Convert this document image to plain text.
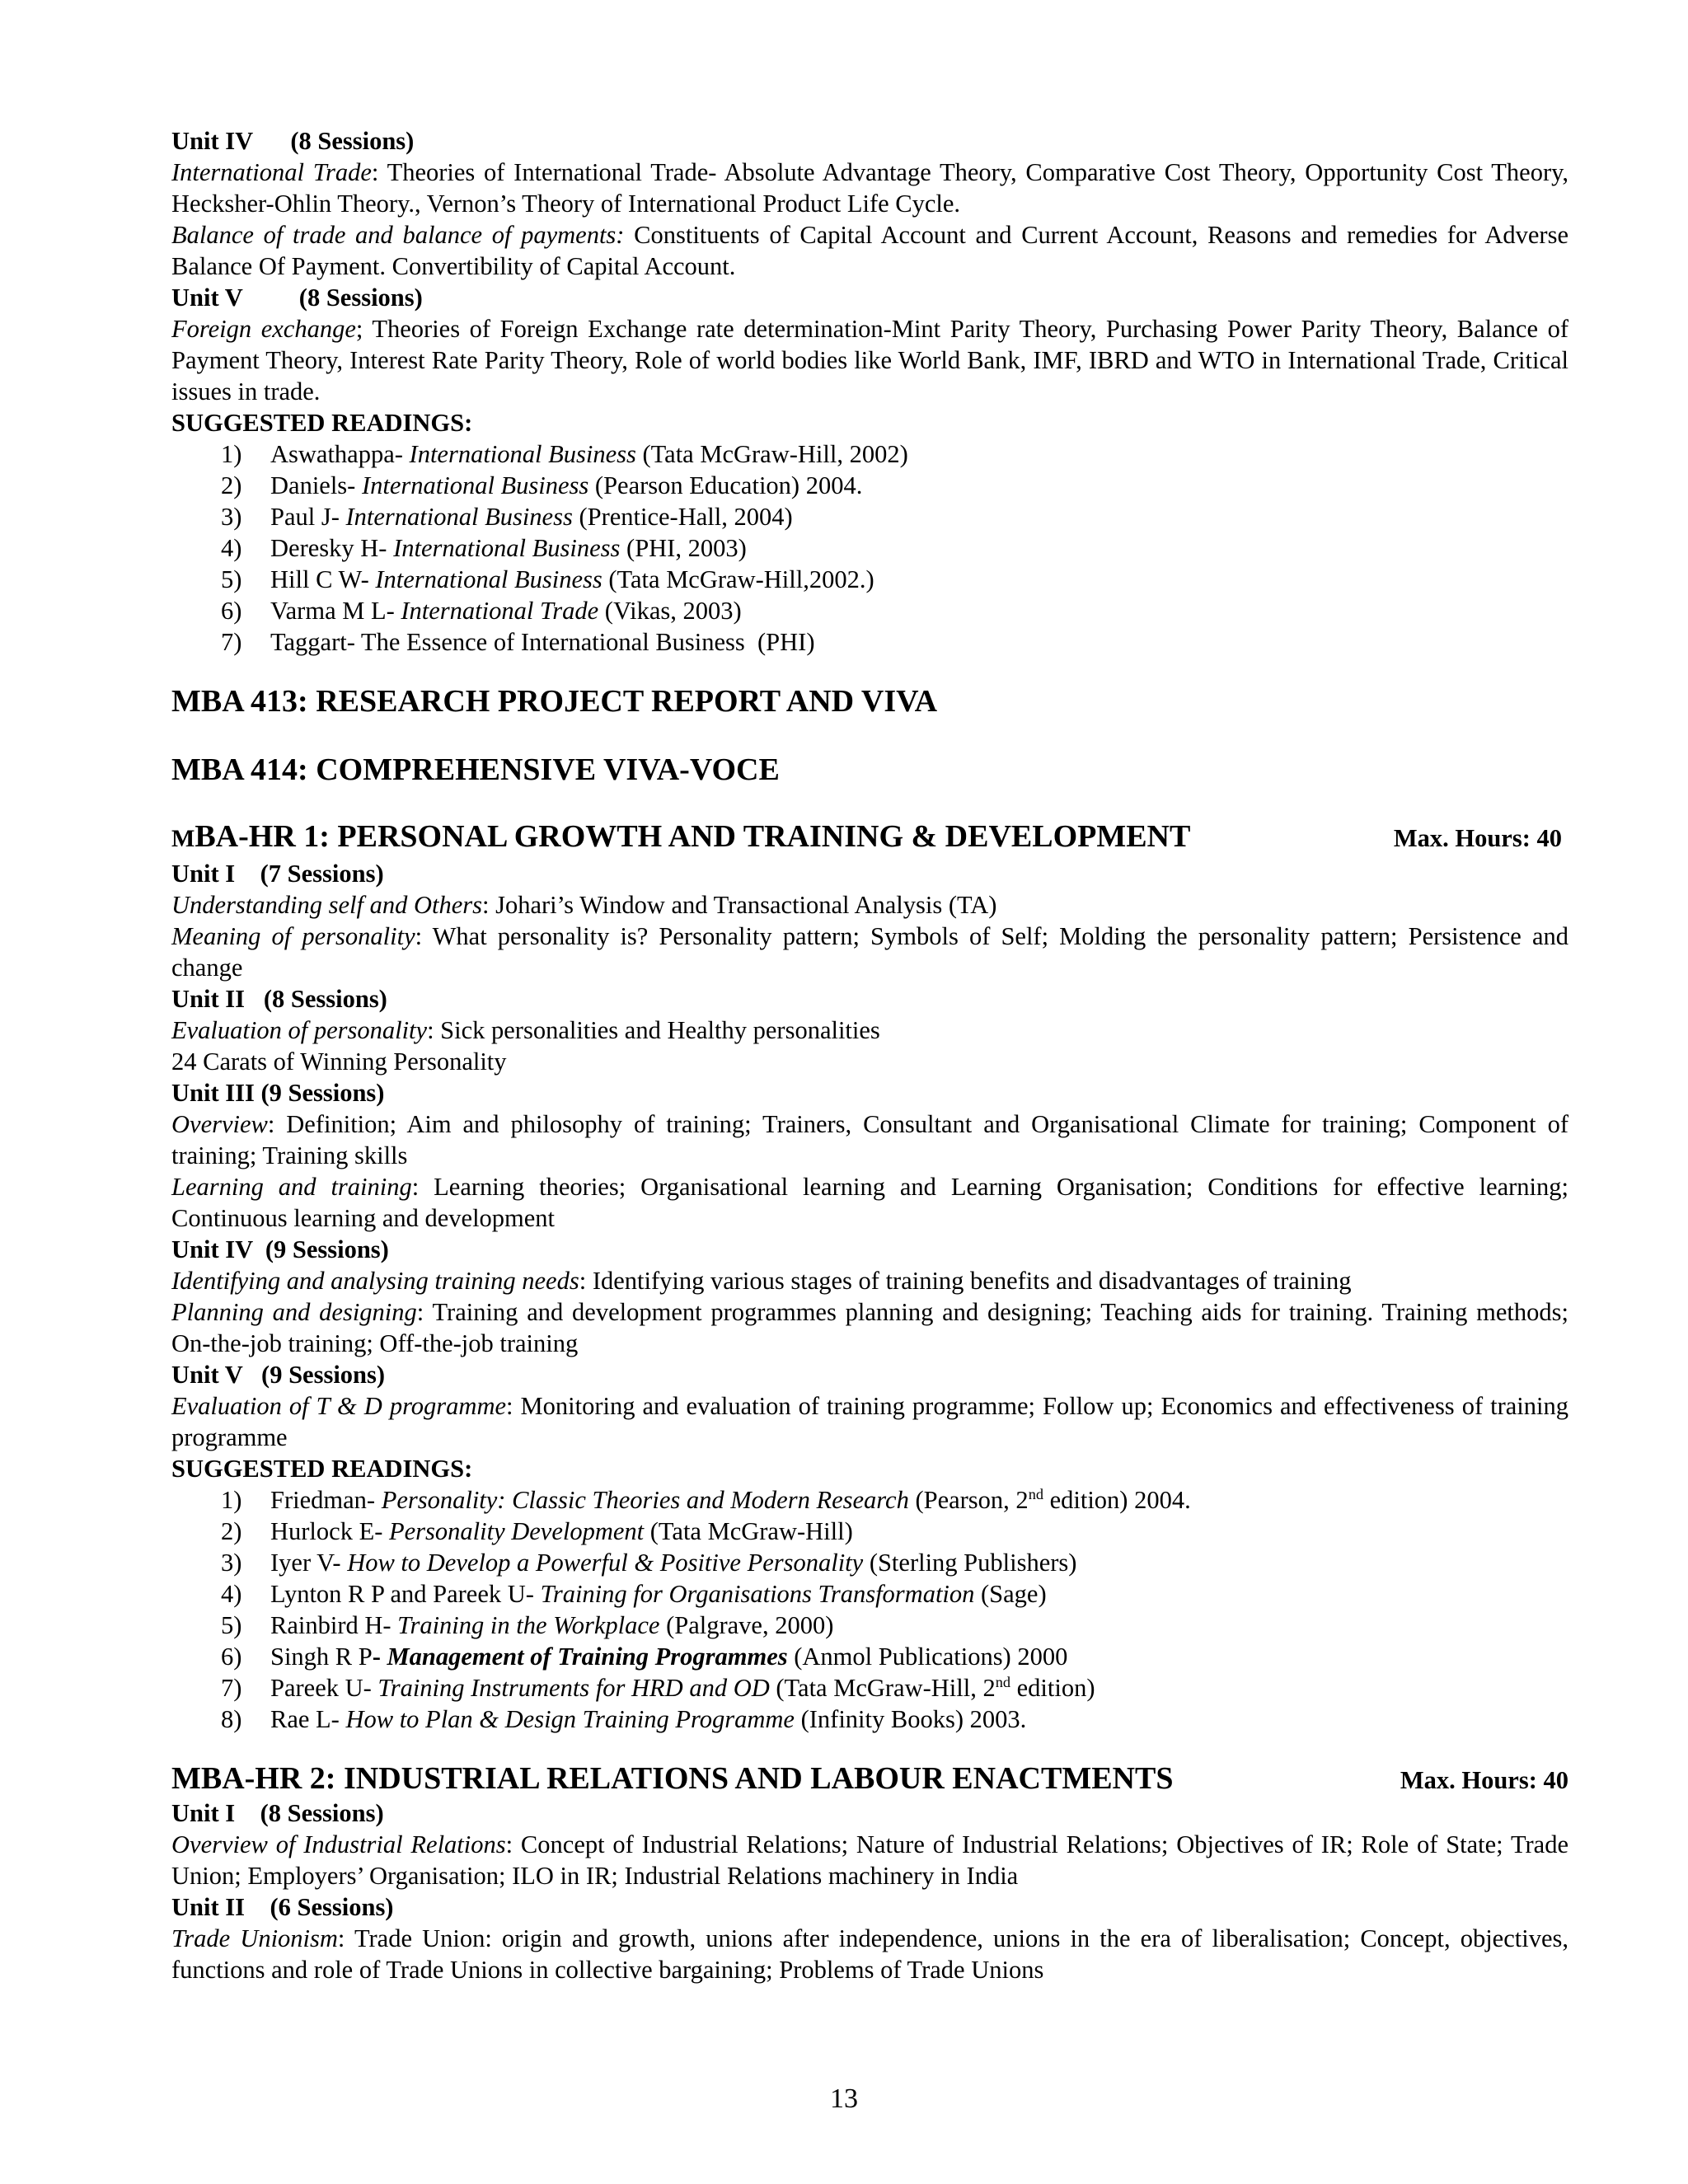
Unit IV      (8 Sessions)
International Trade: Theories of International Trade- Absolute Advantage Theory, Comparative Cost Theory, Opportunity Cost Theory, Hecksher-Ohlin Theory., Vernon’s Theory of International Product Life Cycle.
Balance of trade and balance of payments: Constituents of Capital Account and Current Account, Reasons and remedies for Adverse Balance Of Payment. Convertibility of Capital Account.
Unit V         (8 Sessions)
Foreign exchange; Theories of Foreign Exchange rate determination-Mint Parity Theory, Purchasing Power Parity Theory, Balance of Payment Theory, Interest Rate Parity Theory, Role of world bodies like World Bank, IMF, IBRD and WTO in International Trade, Critical issues in trade.
SUGGESTED READINGS:
1)	Aswathappa- International Business (Tata McGraw-Hill, 2002)
2)	Daniels- International Business (Pearson Education) 2004.
3)	Paul J- International Business (Prentice-Hall, 2004)
4)	Deresky H- International Business (PHI, 2003)
5)	Hill C W- International Business (Tata McGraw-Hill,2002.)
6)	Varma M L- International Trade (Vikas, 2003)
7)	Taggart- The Essence of International Business  (PHI)
MBA 413: RESEARCH PROJECT REPORT AND VIVA
MBA 414: COMPREHENSIVE VIVA-VOCE
MBA-HR 1: PERSONAL GROWTH AND TRAINING & DEVELOPMENT	Max. Hours: 40
Unit I    (7 Sessions)
Understanding self and Others: Johari’s Window and Transactional Analysis (TA)
Meaning of personality: What personality is? Personality pattern; Symbols of Self; Molding the personality pattern; Persistence and change
Unit II   (8 Sessions)
Evaluation of personality: Sick personalities and Healthy personalities
24 Carats of Winning Personality
Unit III (9 Sessions)
Overview: Definition; Aim and philosophy of training; Trainers, Consultant and Organisational Climate for training; Component of training; Training skills
Learning and training: Learning theories; Organisational learning and Learning Organisation; Conditions for effective learning; Continuous learning and development
Unit IV  (9 Sessions)
Identifying and analysing training needs: Identifying various stages of training benefits and disadvantages of training
Planning and designing: Training and development programmes planning and designing; Teaching aids for training. Training methods; On-the-job training; Off-the-job training
Unit V   (9 Sessions)
Evaluation of T & D programme: Monitoring and evaluation of training programme; Follow up; Economics and effectiveness of training programme
SUGGESTED READINGS:
1)	Friedman- Personality: Classic Theories and Modern Research (Pearson, 2nd edition) 2004.
2)	Hurlock E- Personality Development (Tata McGraw-Hill)
3)	Iyer V- How to Develop a Powerful & Positive Personality (Sterling Publishers)
4)	Lynton R P and Pareek U- Training for Organisations Transformation (Sage)
5)	Rainbird H- Training in the Workplace (Palgrave, 2000)
6)	Singh R P- Management of Training Programmes (Anmol Publications) 2000
7)	Pareek U- Training Instruments for HRD and OD (Tata McGraw-Hill, 2nd edition)
8)	Rae L- How to Plan & Design Training Programme (Infinity Books) 2003.
MBA-HR 2: INDUSTRIAL RELATIONS AND LABOUR ENACTMENTS	Max. Hours: 40
Unit I    (8 Sessions)
Overview of Industrial Relations: Concept of Industrial Relations; Nature of Industrial Relations; Objectives of IR; Role of State; Trade Union; Employers’ Organisation; ILO in IR; Industrial Relations machinery in India
Unit II    (6 Sessions)
Trade Unionism: Trade Union: origin and growth, unions after independence, unions in the era of liberalisation; Concept, objectives, functions and role of Trade Unions in collective bargaining; Problems of Trade Unions
13
